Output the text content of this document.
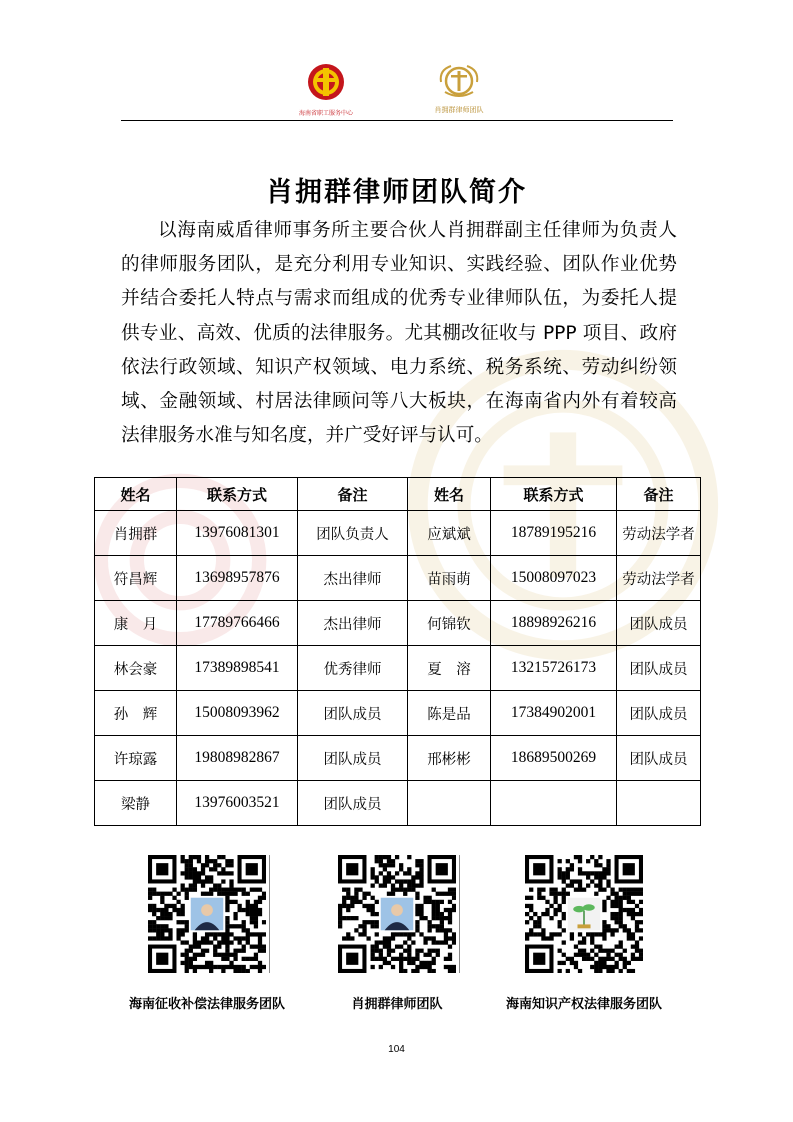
海南省职工服务中心	肖拥群律师团队
肖拥群律师团队简介

以海南威盾律师事务所主要合伙人肖拥群副主任律师为负责人的律师服务团队，是充分利用专业知识、实践经验、团队作业优势并结合委托人特点与需求而组成的优秀专业律师队伍，为委托人提供专业、高效、优质的法律服务。尤其棚改征收与 PPP 项目、政府依法行政领域、知识产权领域、电力系统、税务系统、劳动纠纷领域、金融领域、村居法律顾问等八大板块，在海南省内外有着较高法律服务水准与知名度，并广受好评与认可。

姓名	联系方式	备注	姓名	联系方式	备注
肖拥群	13976081301	团队负责人	应斌斌	18789195216	劳动法学者
符昌辉	13698957876	杰出律师	苗雨萌	15008097023	劳动法学者
康　月	17789766466	杰出律师	何锦钦	18898926216	团队成员
林会豪	17389898541	优秀律师	夏　溶	13215726173	团队成员
孙　辉	15008093962	团队成员	陈是品	17384902001	团队成员
许琼露	19808982867	团队成员	邢彬彬	18689500269	团队成员
梁静	13976003521	团队成员			
海南征收补偿法律服务团队	肖拥群律师团队	海南知识产权法律服务团队
104
